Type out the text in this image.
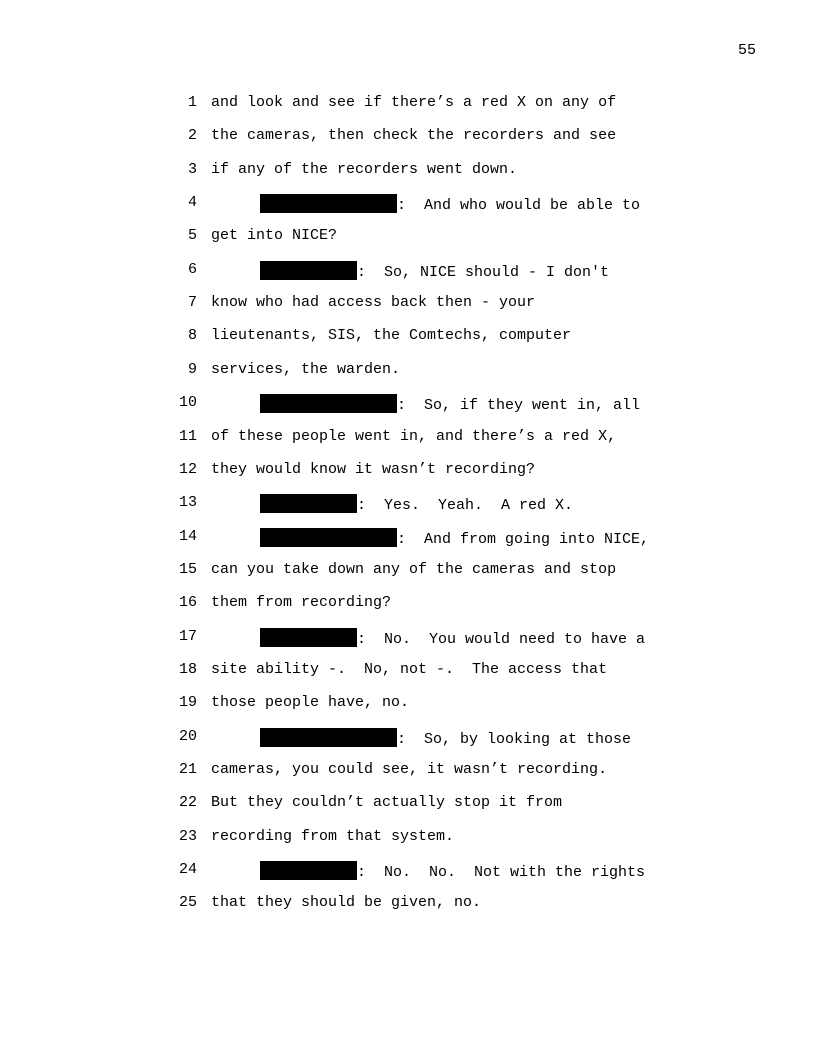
55
1 and look and see if there’s a red X on any of
2 the cameras, then check the recorders and see
3 if any of the recorders went down.
4	:  And who would be able to
5 get into NICE?
6	:  So, NICE should - I don't
7 know who had access back then - your
8 lieutenants, SIS, the Comtechs, computer
9 services, the warden.
10	:  So, if they went in, all
11 of these people went in, and there’s a red X,
12 they would know it wasn’t recording?
13	:  Yes.  Yeah.  A red X.
14	:  And from going into NICE,
15 can you take down any of the cameras and stop
16 them from recording?
17	:  No.  You would need to have a
18 site ability -.  No, not -.  The access that
19 those people have, no.
20	:  So, by looking at those
21 cameras, you could see, it wasn’t recording.
22 But they couldn’t actually stop it from
23 recording from that system.
24	:  No.  No.  Not with the rights
25 that they should be given, no.
